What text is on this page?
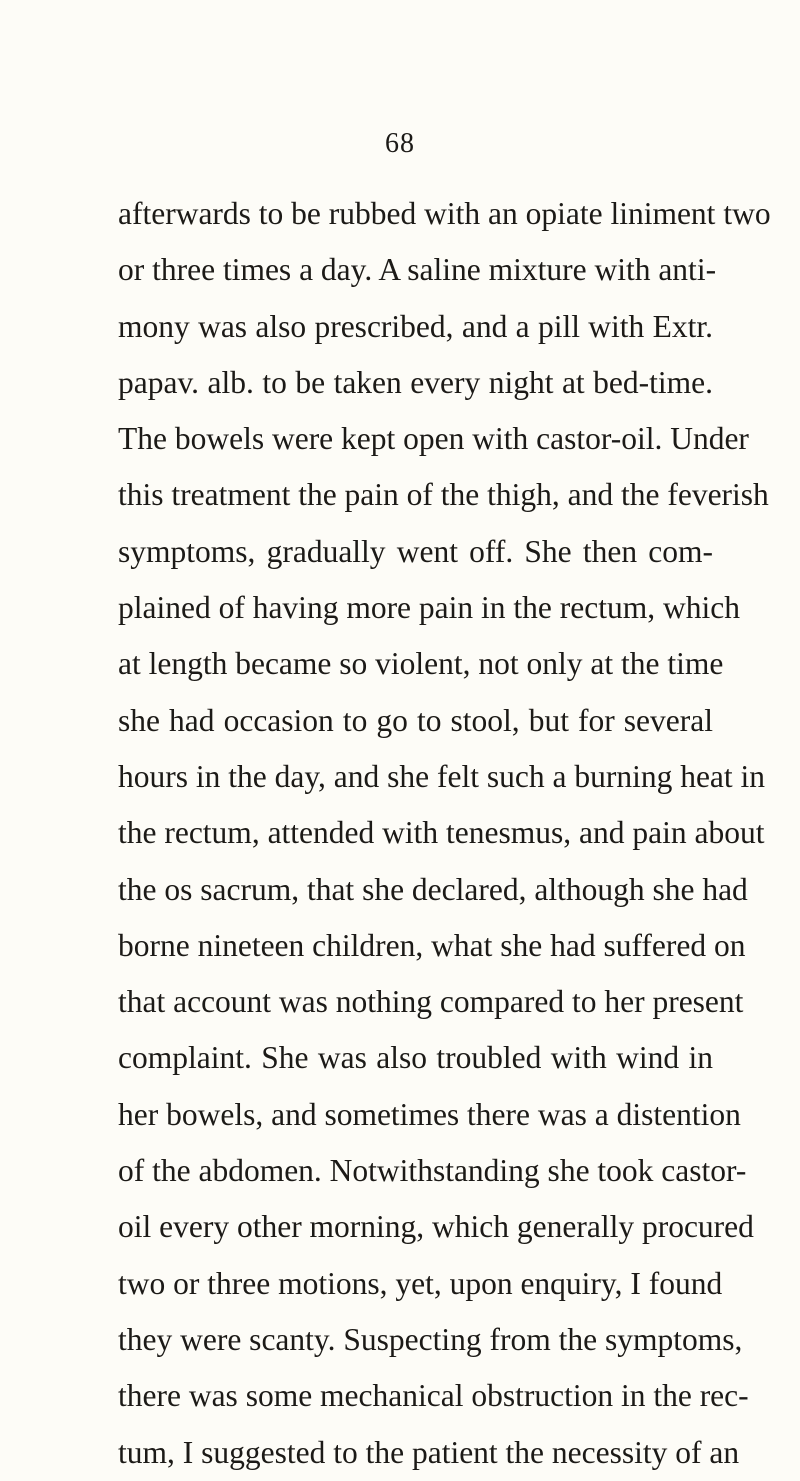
68
afterwards to be rubbed with an opiate liniment two
or three times a day. A saline mixture with anti-
mony was also prescribed, and a pill with Extr.
papav. alb. to be taken every night at bed-time.
The bowels were kept open with castor-oil. Under
this treatment the pain of the thigh, and the feverish
symptoms, gradually went off. She then com-
plained of having more pain in the rectum, which
at length became so violent, not only at the time
she had occasion to go to stool, but for several
hours in the day, and she felt such a burning heat in
the rectum, attended with tenesmus, and pain about
the os sacrum, that she declared, although she had
borne nineteen children, what she had suffered on
that account was nothing compared to her present
complaint. She was also troubled with wind in
her bowels, and sometimes there was a distention
of the abdomen. Notwithstanding she took castor-
oil every other morning, which generally procured
two or three motions, yet, upon enquiry, I found
they were scanty. Suspecting from the symptoms,
there was some mechanical obstruction in the rec-
tum, I suggested to the patient the necessity of an
